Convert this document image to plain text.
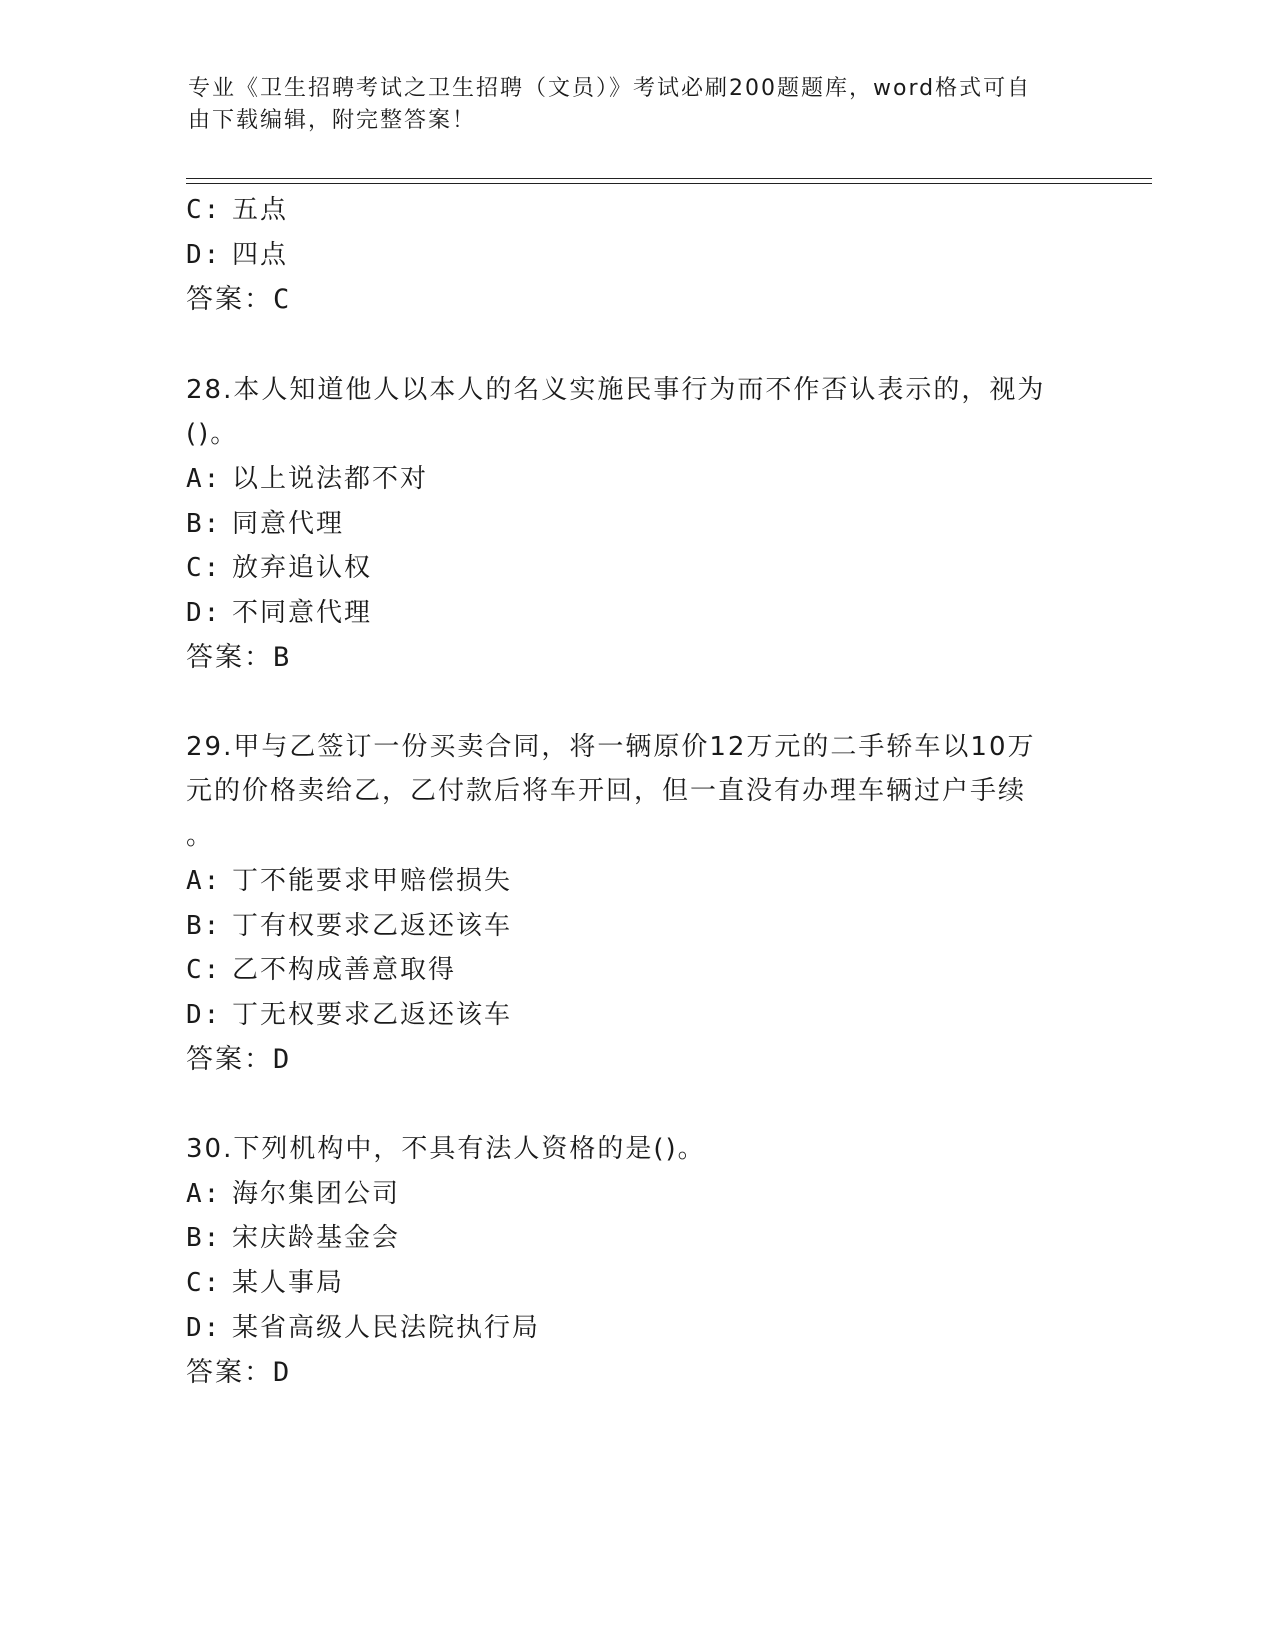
专业《卫生招聘考试之卫生招聘（文员）》考试必刷200题题库，word格式可自
由下载编辑，附完整答案！
C: 五点
D: 四点
答案：C
28.本人知道他人以本人的名义实施民事行为而不作否认表示的，视为
()。
A: 以上说法都不对
B: 同意代理
C: 放弃追认权
D: 不同意代理
答案：B
29.甲与乙签订一份买卖合同，将一辆原价12万元的二手轿车以10万
元的价格卖给乙，乙付款后将车开回，但一直没有办理车辆过户手续
。
A: 丁不能要求甲赔偿损失
B: 丁有权要求乙返还该车
C: 乙不构成善意取得
D: 丁无权要求乙返还该车
答案：D
30.下列机构中，不具有法人资格的是()。
A: 海尔集团公司
B: 宋庆龄基金会
C: 某人事局
D: 某省高级人民法院执行局
答案：D
